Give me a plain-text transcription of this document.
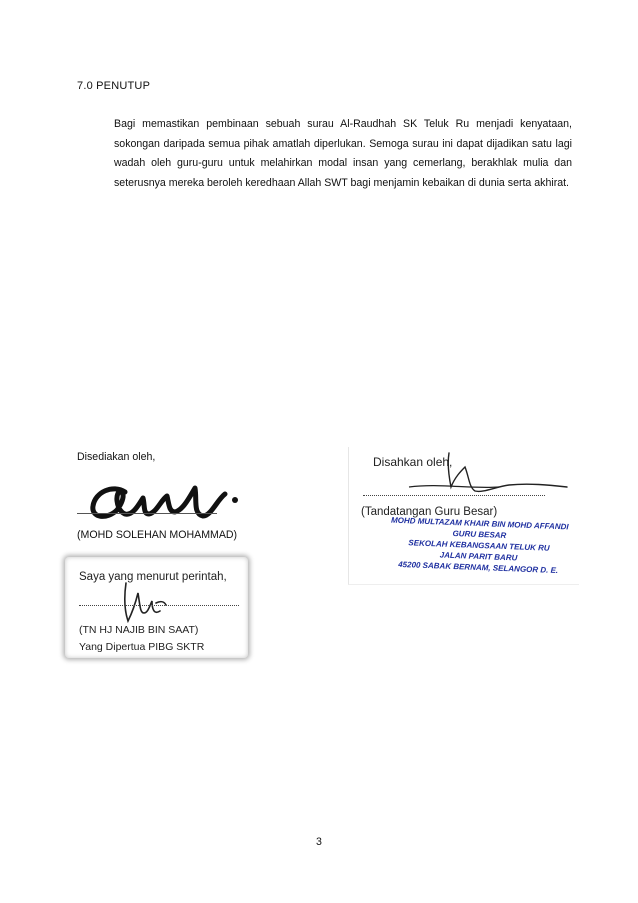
7.0 PENUTUP
Bagi memastikan pembinaan sebuah surau Al-Raudhah SK Teluk Ru menjadi kenyataan, sokongan daripada semua pihak amatlah diperlukan. Semoga surau ini dapat dijadikan satu lagi wadah oleh guru-guru untuk melahirkan modal insan yang cemerlang, berakhlak mulia dan seterusnya mereka beroleh keredhaan Allah SWT bagi menjamin kebaikan di dunia serta akhirat.
Disediakan oleh,
(MOHD SOLEHAN MOHAMMAD)
Saya yang menurut perintah,
(TN HJ NAJIB BIN SAAT)
Yang Dipertua PIBG SKTR
Disahkan oleh,
(Tandatangan Guru Besar)
MOHD MULTAZAM KHAIR BIN MOHD AFFANDI
GURU BESAR
SEKOLAH KEBANGSAAN TELUK RU
JALAN PARIT BARU
45200 SABAK BERNAM, SELANGOR D. E.
3
